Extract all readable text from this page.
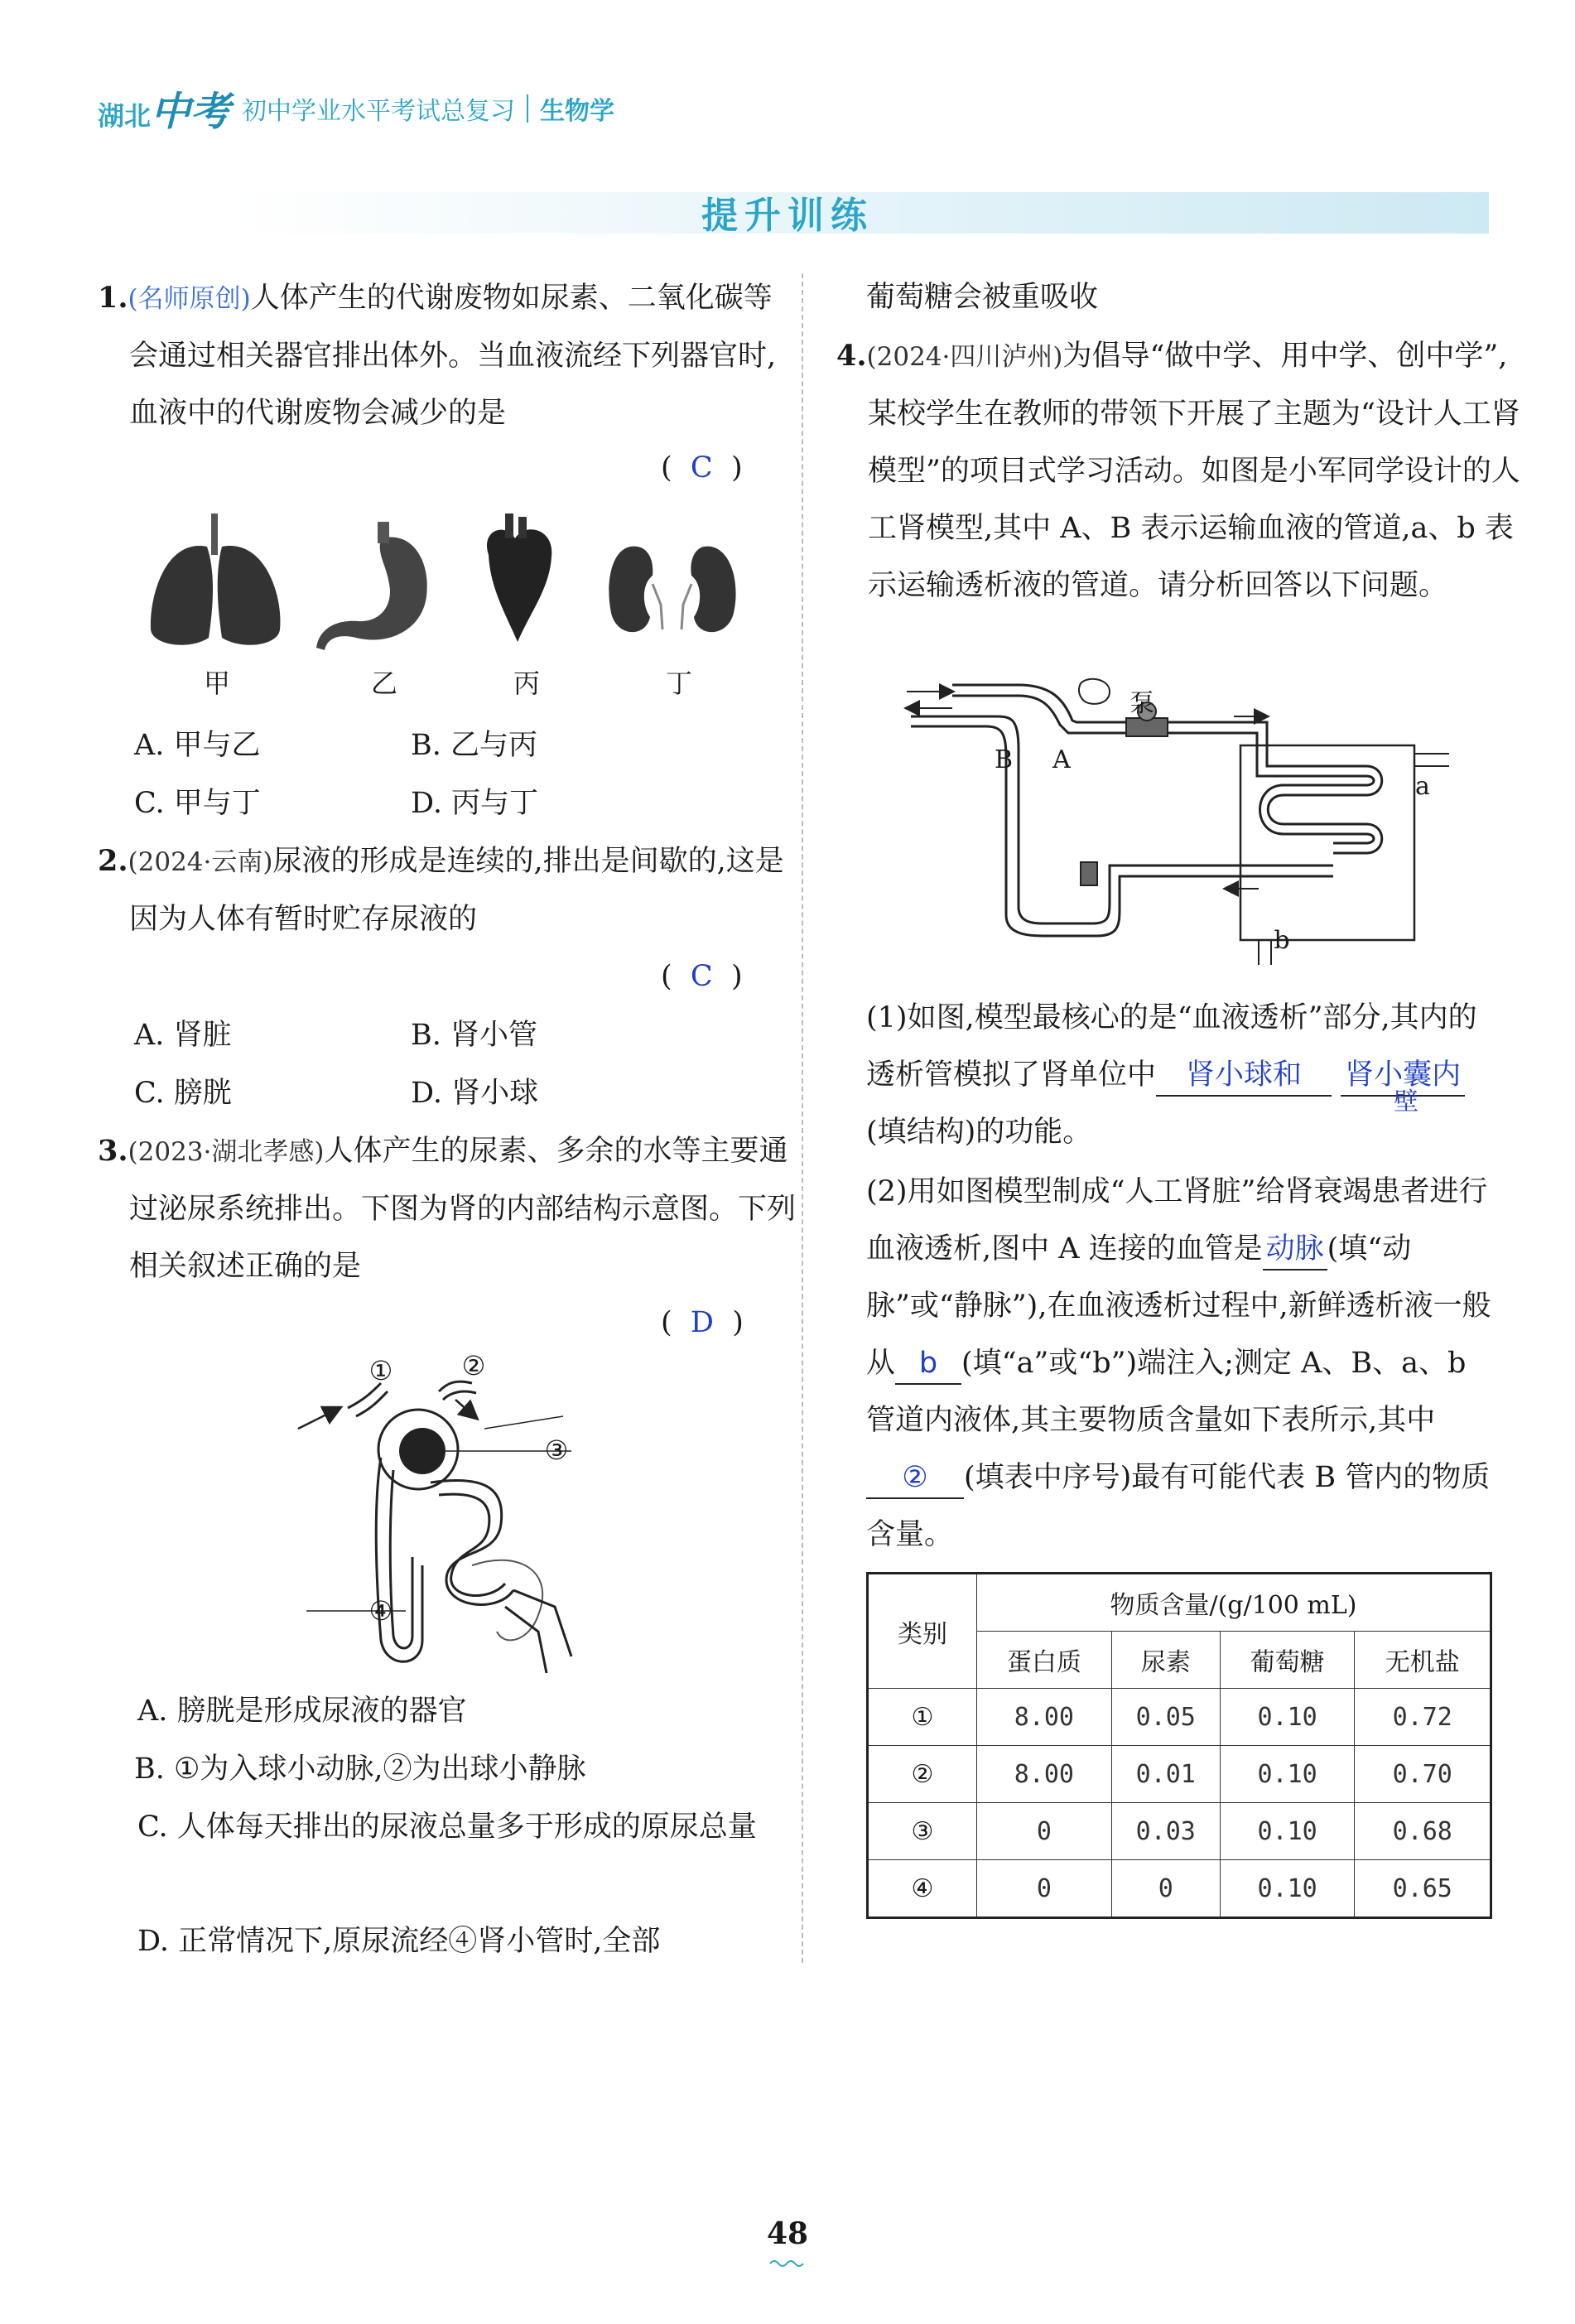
湖北中考 初中学业水平考试总复习 生物学
提升训练
1.(名师原创)人体产生的代谢废物如尿素、二氧化碳等会通过相关器官排出体外。当血液流经下列器官时,血液中的代谢废物会减少的是
(  C  )
甲	乙	丙	丁
A. 甲与乙	B. 乙与丙
C. 甲与丁	D. 丙与丁
2.(2024·云南)尿液的形成是连续的,排出是间歇的,这是因为人体有暂时贮存尿液的
(  C  )
A. 肾脏	B. 肾小管
C. 膀胱	D. 肾小球
3.(2023·湖北孝感)人体产生的尿素、多余的水等主要通过泌尿系统排出。下图为肾的内部结构示意图。下列相关叙述正确的是
(  D  )
①	②
③
④
A. 膀胱是形成尿液的器官
B. ①为入球小动脉,②为出球小静脉
C. 人体每天排出的尿液总量多于形成的原尿总量
D. 正常情况下,原尿流经④肾小管时,全部
葡萄糖会被重吸收
4.(2024·四川泸州)为倡导“做中学、用中学、创中学”,某校学生在教师的带领下开展了主题为“设计人工肾模型”的项目式学习活动。如图是小军同学设计的人工肾模型,其中 A、B 表示运输血液的管道,a、b 表示运输透析液的管道。请分析回答以下问题。
泵
B	A
a
b
(1)如图,模型最核心的是“血液透析”部分,其内的透析管模拟了肾单位中 肾小球和 肾小囊内
壁
(填结构)的功能。
(2)用如图模型制成“人工肾脏”给肾衰竭患者进行血液透析,图中 A 连接的血管是 动脉 (填“动脉”或“静脉”),在血液透析过程中,新鲜透析液一般从 b (填“a”或“b”)端注入;测定 A、B、a、b 管道内液体,其主要物质含量如下表所示,其中② (填表中序号)最有可能代表 B 管内的物质含量。
类别	物质含量/(g/100 mL)			
	蛋白质	尿素	葡萄糖	无机盐
①	8.00	0.05	0.10	0.72
②	8.00	0.01	0.10	0.70
③	0	0.03	0.10	0.68
④	0	0	0.10	0.65
48
